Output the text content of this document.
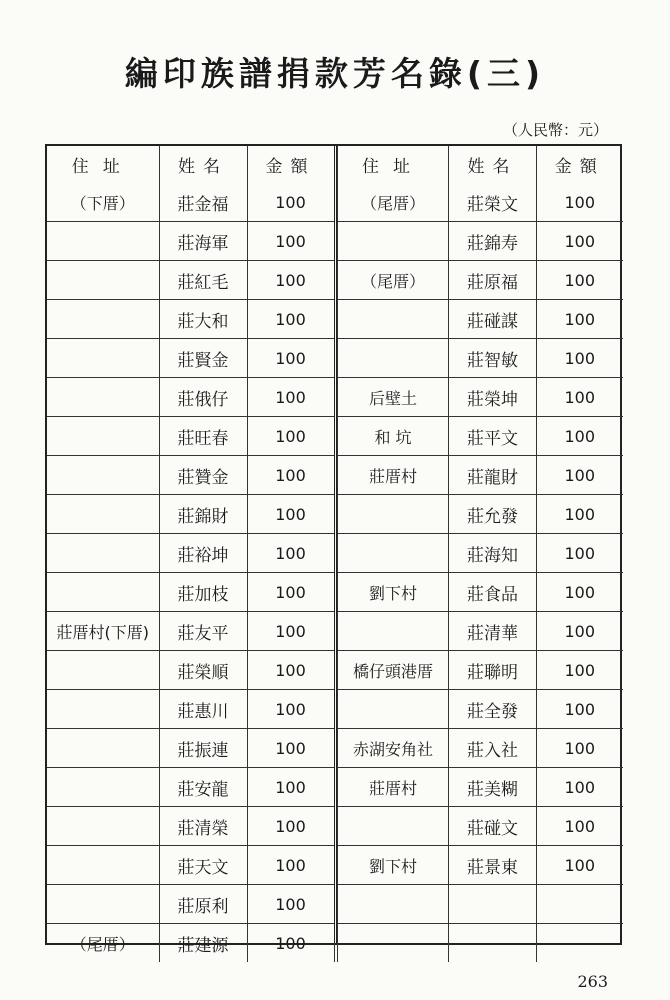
編印族譜捐款芳名錄(三)
（人民幣：元）
住址	姓名	金額
（下厝）	莊金福	100
	莊海軍	100
	莊紅毛	100
	莊大和	100
	莊賢金	100
	莊俄仔	100
	莊旺春	100
	莊贊金	100
	莊錦財	100
	莊裕坤	100
	莊加枝	100
莊厝村(下厝)	莊友平	100
	莊榮順	100
	莊惠川	100
	莊振連	100
	莊安龍	100
	莊清榮	100
	莊天文	100
	莊原利	100
（尾厝）	莊建源	100
住址	姓名	金額
（尾厝）	莊榮文	100
	莊錦寿	100
（尾厝）	莊原福	100
	莊碰謀	100
	莊智敏	100
后壁土	莊榮坤	100
和 坑	莊平文	100
莊厝村	莊龍財	100
	莊允發	100
	莊海知	100
劉下村	莊食品	100
	莊清華	100
橋仔頭港厝	莊聯明	100
	莊全發	100
赤湖安角社	莊入社	100
莊厝村	莊美糊	100
	莊碰文	100
劉下村	莊景東	100

263
